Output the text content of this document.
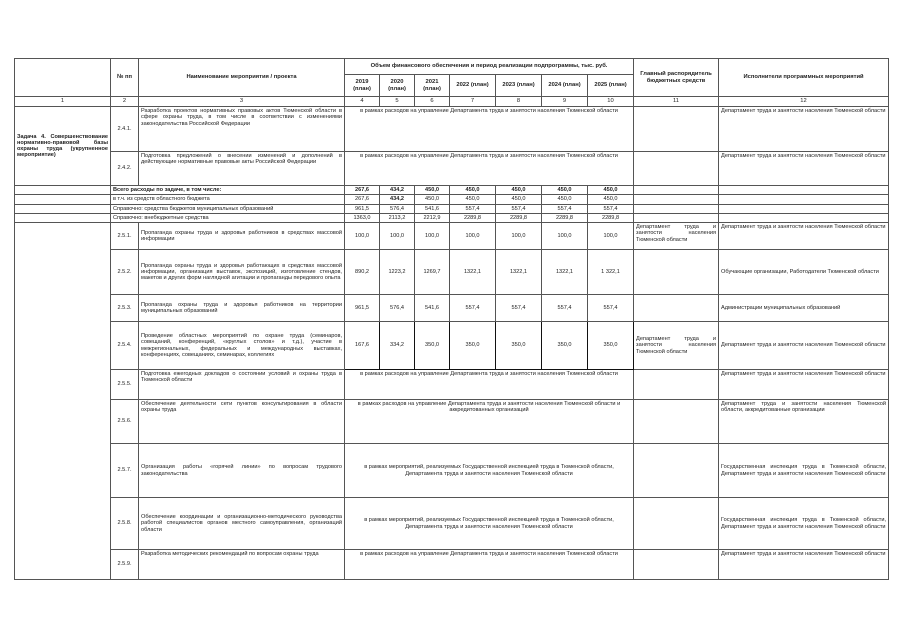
	№ пп	Наименование мероприятия / проекта	Объем финансового обеспечения и период реализации подпрограммы, тыс. руб.							Главный распорядитель бюджетных средств	Исполнители программных мероприятий
			2019 (план)	2020 (план)	2021 (план)	2022 (план)	2023 (план)	2024 (план)	2025 (план)		
1	2	3	4	5	6	7	8	9	10	11	12
Задача 4. Совершенствование нормативно-правовой базы охраны труда (укрупненное мероприятие)	2.4.1.	Разработка проектов нормативных правовых актов Тюменской области в сфере охраны труда, в том числе в соответствии с изменениями законодательства Российской Федерации	в рамках расходов на управление Департамента труда и занятости населения Тюменской области								Департамент труда и занятости населения Тюменской области
	2.4.2.	Подготовка предложений о внесении изменений и дополнений в действующие нормативные правовые акты Российской Федерации	в рамках расходов на управление Департамента труда и занятости населения Тюменской области								Департамент труда и занятости населения Тюменской области
	Всего расходы по задаче, в том числе:		267,6	434,2	450,0	450,0	450,0	450,0	450,0		
	в т.ч. из средств областного бюджета		267,6	434,2	450,0	450,0	450,0	450,0	450,0		
	Справочно: средства бюджетов муниципальных образований		961,5	576,4	541,6	557,4	557,4	557,4	557,4		
	Справочно: внебюджетные средства		1363,0	2113,2	2212,9	2289,8	2289,8	2289,8	2289,8		
	2.5.1.	Пропаганда охраны труда и здоровья работников в средствах массовой информации	100,0	100,0	100,0	100,0	100,0	100,0	100,0	Департамент труда и занятости населения Тюменской области	Департамент труда и занятости населения Тюменской области
	2.5.2.	Пропаганда охраны труда и здоровья работающих в средствах массовой информации, организация выставок, экспозиций, изготовление стендов, макетов и других форм наглядной агитации и пропаганды передового опыта	890,2	1223,2	1269,7	1322,1	1322,1	1322,1	1 322,1		Обучающие организации, Работодатели Тюменской области
	2.5.3.	Пропаганда охраны труда и здоровья работников на территории муниципальных образований	961,5	576,4	541,6	557,4	557,4	557,4	557,4		Администрации муниципальных образований
	2.5.4.	Проведение областных мероприятий по охране труда (семинаров, совещаний, конференций, «круглых столов» и т.д.), участие в межрегиональных, федеральных и международных выставках, конференциях, совещаниях, семинарах, коллегиях	167,6	334,2	350,0	350,0	350,0	350,0	350,0	Департамент труда и занятости населения Тюменской области	Департамент труда и занятости населения Тюменской области
	2.5.5.	Подготовка ежегодных докладов о состоянии условий и охраны труда в Тюменской области	в рамках расходов на управление Департамента труда и занятости населения Тюменской области								Департамент труда и занятости населения Тюменской области
	2.5.6.	Обеспечение деятельности сети пунктов консультирования в области охраны труда	в рамках расходов на управление Департамента труда и занятости населения Тюменской области и аккредитованных организаций								Департамент труда и занятости населения Тюменской области, аккредитованные организации
	2.5.7.	Организация работы «горячей линии» по вопросам трудового законодательства	в рамках мероприятий, реализуемых Государственной инспекцией труда в Тюменской области, Департамента труда и занятости населения Тюменской области								Государственная инспекция труда в Тюменской области, Департамент труда и занятости населения Тюменской области
	2.5.8.	Обеспечение координации и организационно-методического руководства работой специалистов органов местного самоуправления, организаций области	в рамках мероприятий, реализуемых Государственной инспекцией труда в Тюменской области, Департамента труда и занятости населения Тюменской области								Государственная инспекция труда в Тюменской области, Департамент труда и занятости населения Тюменской области
	2.5.9.	Разработка методических рекомендаций по вопросам охраны труда	в рамках расходов на управление Департамента труда и занятости населения Тюменской области								Департамент труда и занятости населения Тюменской области
